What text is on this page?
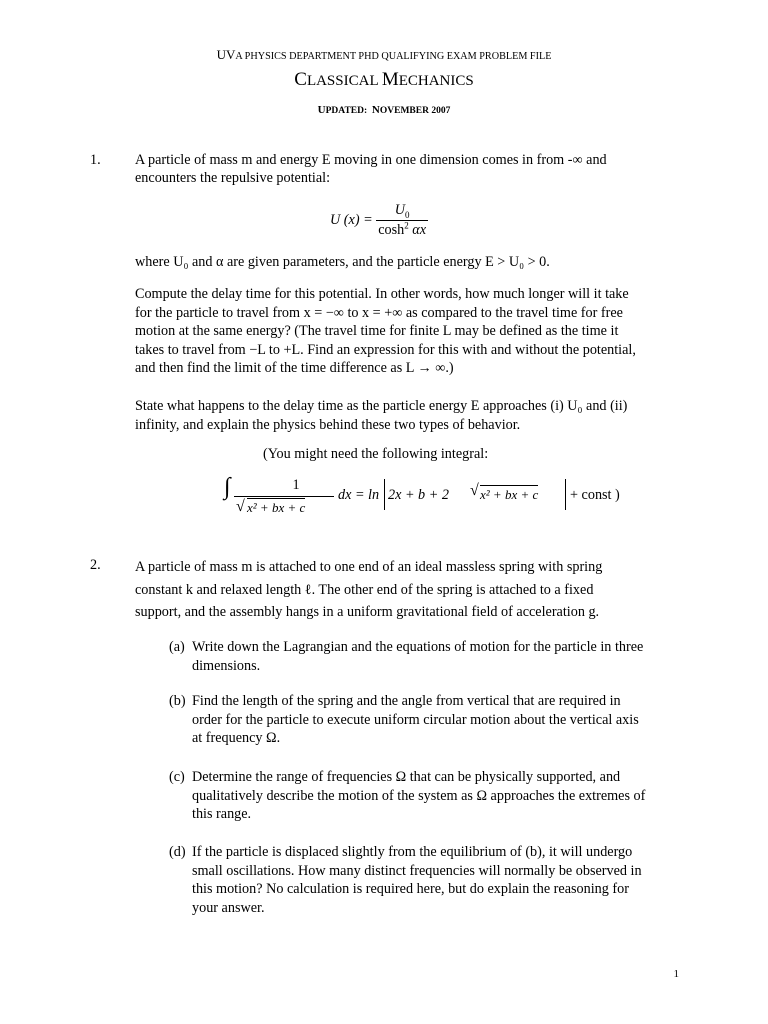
UVA PHYSICS DEPARTMENT PHD QUALIFYING EXAM PROBLEM FILE
CLASSICAL MECHANICS
UPDATED: NOVEMBER 2007
1. A particle of mass m and energy E moving in one dimension comes in from -∞ and
encounters the repulsive potential:
U $(x) = \frac{U_0}{\cosh^2 \alpha x}$
where U₀ and α are given parameters, and the particle energy E > U₀ > 0.
Compute the delay time for this potential. In other words, how much longer will it take
for the particle to travel from x = −∞ to x = +∞ as compared to the travel time for free
motion at the same energy? (The travel time for finite L may be defined as the time it
takes to travel from −L to +L. Find an expression for this with and without the potential,
and then find the limit of the time difference as L → ∞.)
State what happens to the delay time as the particle energy E approaches (i) U₀ and (ii)
infinity, and explain the physics behind these two types of behavior.
(You might need the following integral:
∫	1
√ x² + bx + c
dx = ln 2x + b + 2 √ x² + bx + c + const )
2. A particle of mass m is attached to one end of an ideal massless spring with spring
constant k and relaxed length ℓ. The other end of the spring is attached to a fixed
support, and the assembly hangs in a uniform gravitational field of acceleration g.
(a) Write down the Lagrangian and the equations of motion for the particle in three
dimensions.
(b) Find the length of the spring and the angle from vertical that are required in
order for the particle to execute uniform circular motion about the vertical axis
at frequency Ω.
(c) Determine the range of frequencies Ω that can be physically supported, and
qualitatively describe the motion of the system as Ω approaches the extremes of
this range.
(d) If the particle is displaced slightly from the equilibrium of (b), it will undergo
small oscillations. How many distinct frequencies will normally be observed in
this motion? No calculation is required here, but do explain the reasoning for
your answer.
1
